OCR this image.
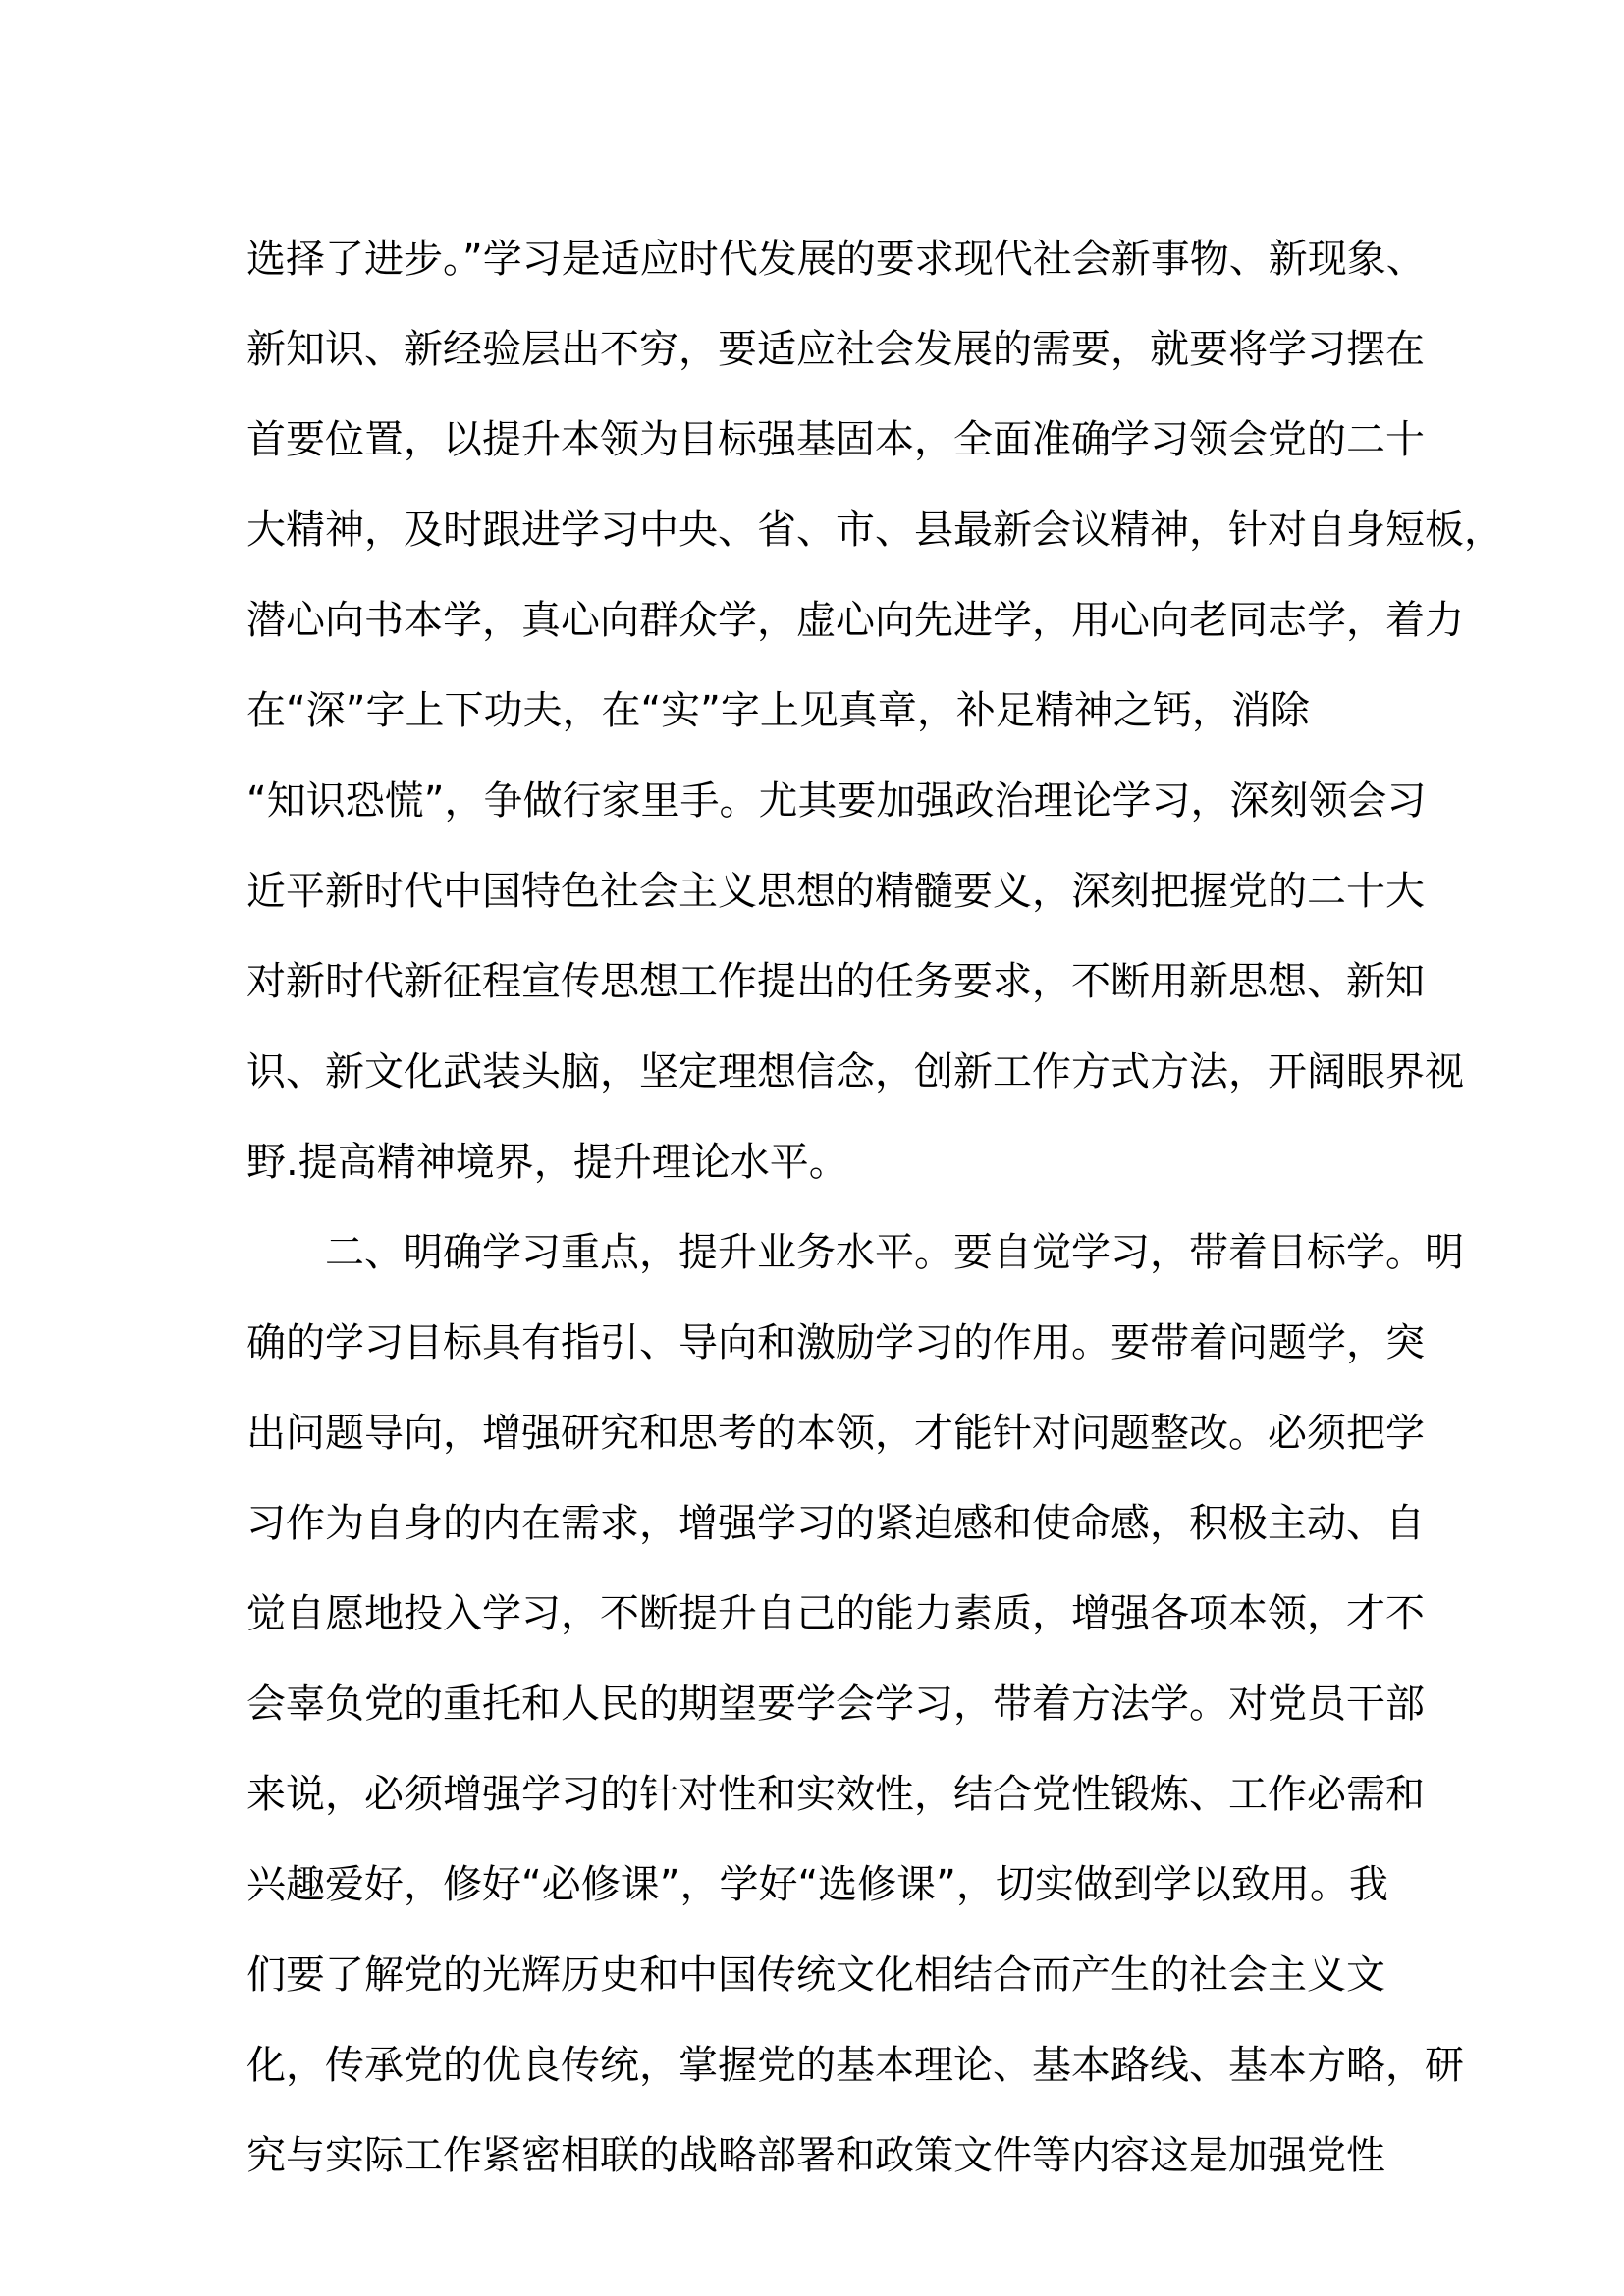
选择了进步。”学习是适应时代发展的要求现代社会新事物、新现象、
新知识、新经验层出不穷，要适应社会发展的需要，就要将学习摆在
首要位置，以提升本领为目标强基固本，全面准确学习领会党的二十
大精神，及时跟进学习中央、省、市、县最新会议精神，针对自身短板，
潜心向书本学，真心向群众学，虚心向先进学，用心向老同志学，着力
在“深”字上下功夫，在“实”字上见真章，补足精神之钙，消除
“知识恐慌”，争做行家里手。尤其要加强政治理论学习，深刻领会习
近平新时代中国特色社会主义思想的精髓要义，深刻把握党的二十大
对新时代新征程宣传思想工作提出的任务要求，不断用新思想、新知
识、新文化武装头脑，坚定理想信念，创新工作方式方法，开阔眼界视
野.提高精神境界，提升理论水平。
二、明确学习重点，提升业务水平。要自觉学习，带着目标学。明
确的学习目标具有指引、导向和激励学习的作用。要带着问题学，突
出问题导向，增强研究和思考的本领，才能针对问题整改。必须把学
习作为自身的内在需求，增强学习的紧迫感和使命感，积极主动、自
觉自愿地投入学习，不断提升自己的能力素质，增强各项本领，才不
会辜负党的重托和人民的期望要学会学习，带着方法学。对党员干部
来说，必须增强学习的针对性和实效性，结合党性锻炼、工作必需和
兴趣爱好，修好“必修课”，学好“选修课”，切实做到学以致用。我
们要了解党的光辉历史和中国传统文化相结合而产生的社会主义文
化，传承党的优良传统，掌握党的基本理论、基本路线、基本方略，研
究与实际工作紧密相联的战略部署和政策文件等内容这是加强党性
